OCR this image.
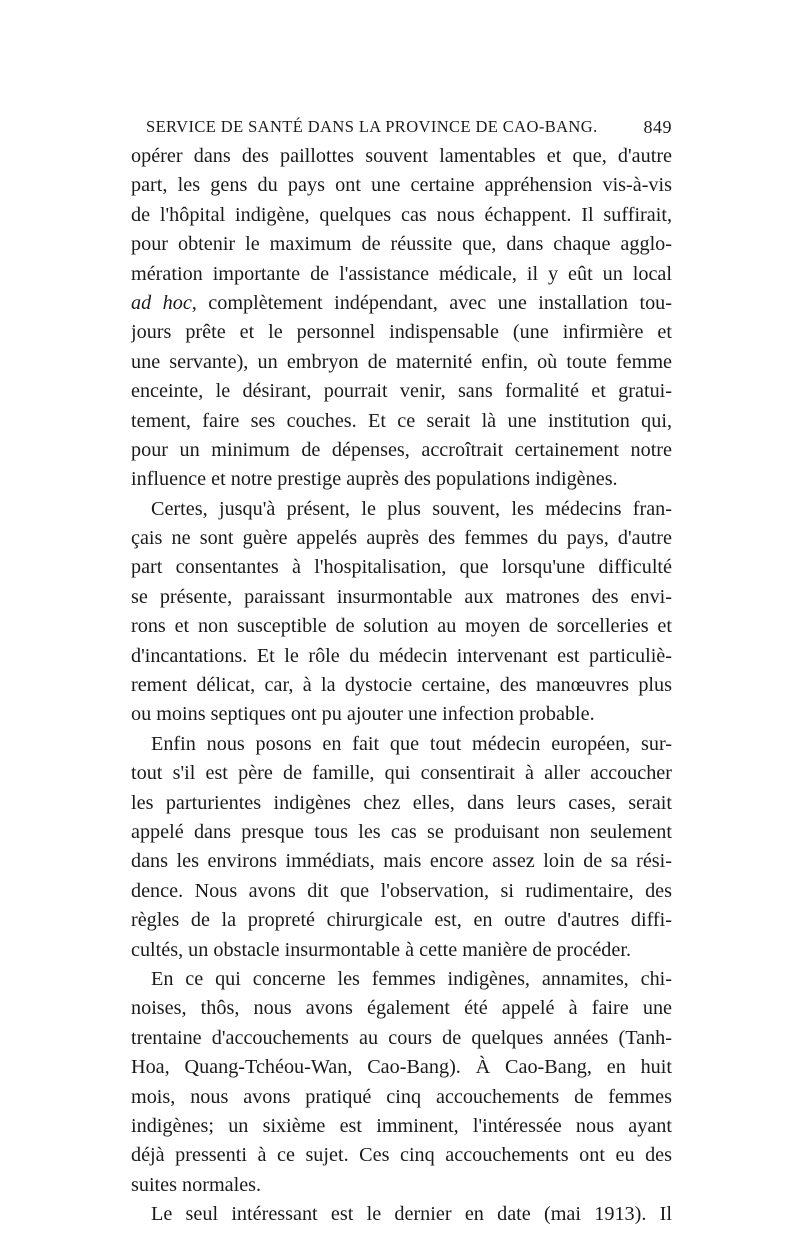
SERVICE DE SANTÉ DANS LA PROVINCE DE CAO-BANG.	849

opérer dans des paillottes souvent lamentables et que, d'autre
part, les gens du pays ont une certaine appréhension vis-à-vis
de l'hôpital indigène, quelques cas nous échappent. Il suffirait,
pour obtenir le maximum de réussite que, dans chaque agglo-
mération importante de l'assistance médicale, il y eût un local
ad hoc, complètement indépendant, avec une installation tou-
jours prête et le personnel indispensable (une infirmière et
une servante), un embryon de maternité enfin, où toute femme
enceinte, le désirant, pourrait venir, sans formalité et gratui-
tement, faire ses couches. Et ce serait là une institution qui,
pour un minimum de dépenses, accroîtrait certainement notre
influence et notre prestige auprès des populations indigènes.

Certes, jusqu'à présent, le plus souvent, les médecins fran-
çais ne sont guère appelés auprès des femmes du pays, d'autre
part consentantes à l'hospitalisation, que lorsqu'une difficulté
se présente, paraissant insurmontable aux matrones des envi-
rons et non susceptible de solution au moyen de sorcelleries et
d'incantations. Et le rôle du médecin intervenant est particuliè-
rement délicat, car, à la dystocie certaine, des manœuvres plus
ou moins septiques ont pu ajouter une infection probable.

Enfin nous posons en fait que tout médecin européen, sur-
tout s'il est père de famille, qui consentirait à aller accoucher
les parturientes indigènes chez elles, dans leurs cases, serait
appelé dans presque tous les cas se produisant non seulement
dans les environs immédiats, mais encore assez loin de sa rési-
dence. Nous avons dit que l'observation, si rudimentaire, des
règles de la propreté chirurgicale est, en outre d'autres diffi-
cultés, un obstacle insurmontable à cette manière de procéder.

En ce qui concerne les femmes indigènes, annamites, chi-
noises, thôs, nous avons également été appelé à faire une
trentaine d'accouchements au cours de quelques années (Tanh-
Hoa, Quang-Tchéou-Wan, Cao-Bang). À Cao-Bang, en huit
mois, nous avons pratiqué cinq accouchements de femmes
indigènes; un sixième est imminent, l'intéressée nous ayant
déjà pressenti à ce sujet. Ces cinq accouchements ont eu des
suites normales.

Le seul intéressant est le dernier en date (mai 1913). Il
